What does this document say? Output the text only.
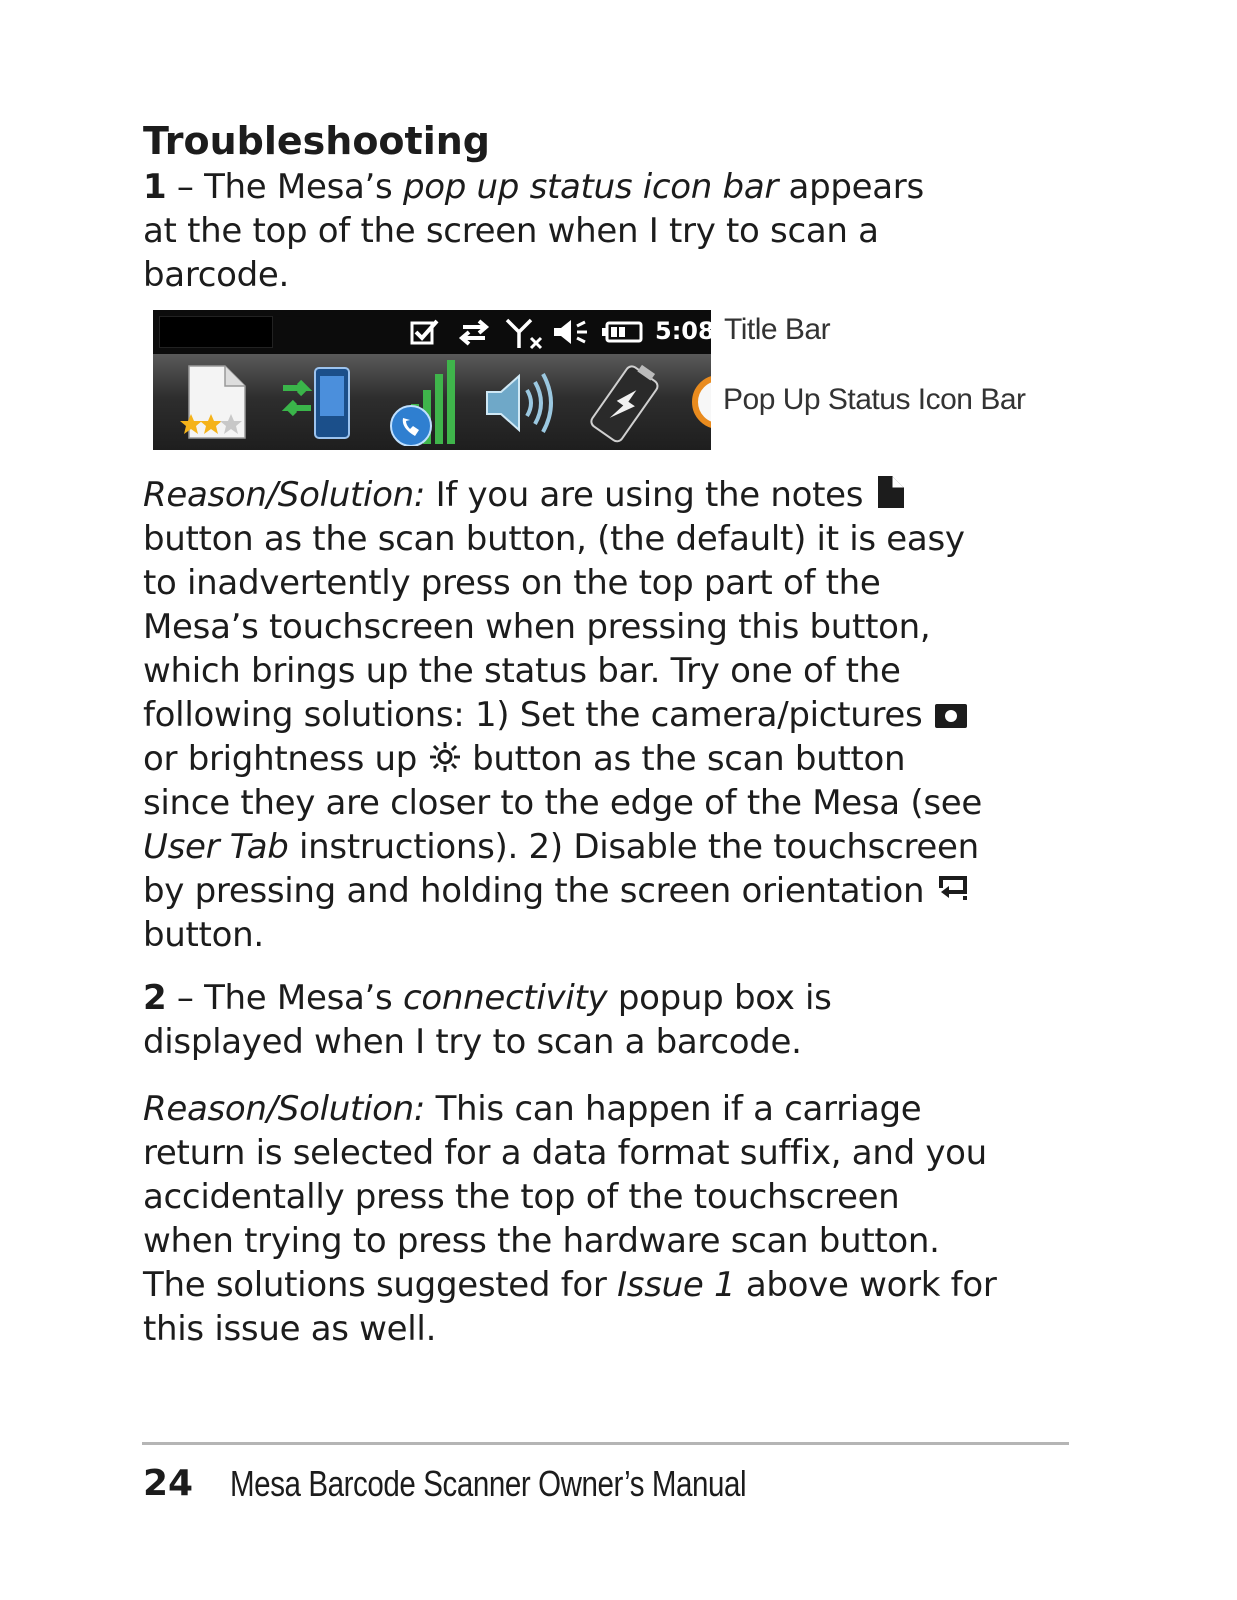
Troubleshooting

1 – The Mesa’s pop up status icon bar appears

at the top of the screen when I try to scan a

barcode.

5:08 Title Bar
Pop Up Status Icon Bar

Reason/Solution: If you are using the notes

button as the scan button, (the default) it is easy

to inadvertently press on the top part of the

Mesa’s touchscreen when pressing this button,

which brings up the status bar. Try one of the

following solutions: 1) Set the camera/pictures

or brightness up  button as the scan button

since they are closer to the edge of the Mesa (see

User Tab instructions). 2) Disable the touchscreen

by pressing and holding the screen orientation

button.

2 – The Mesa’s connectivity popup box is

displayed when I try to scan a barcode.

Reason/Solution: This can happen if a carriage

return is selected for a data format suffix, and you

accidentally press the top of the touchscreen

when trying to press the hardware scan button.

The solutions suggested for Issue 1 above work for

this issue as well.

24 Mesa Barcode Scanner Owner’s Manual
